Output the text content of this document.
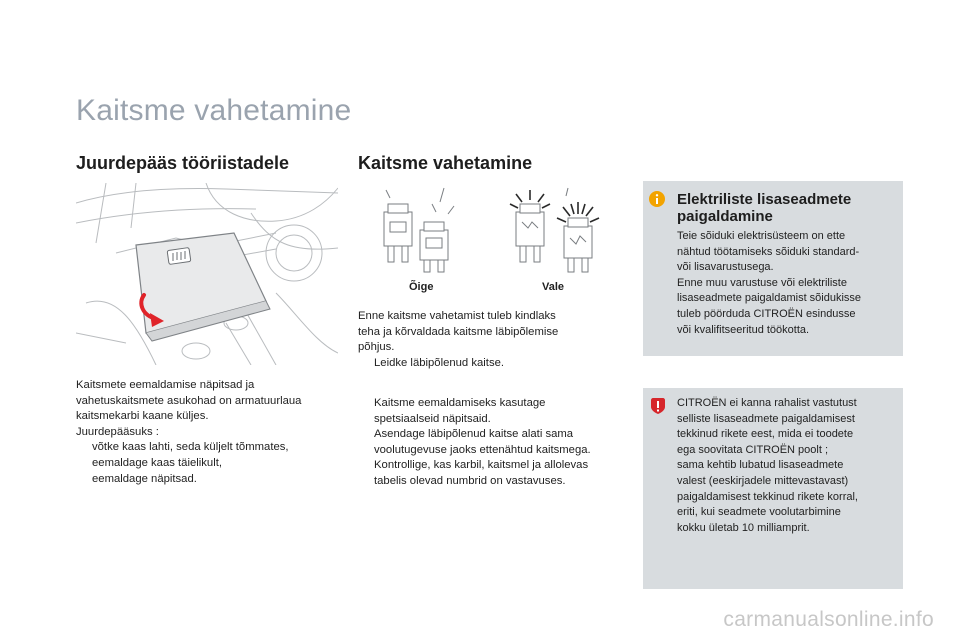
Kaitsme vahetamine
Juurdepääs tööriistadele
Kaitsmete eemaldamise näpitsad ja
vahetuskaitsmete asukohad on armatuurlaua
kaitsmekarbi kaane küljes.
Juurdepääsuks :
võtke kaas lahti, seda küljelt tõmmates,
eemaldage kaas täielikult,
eemaldage näpitsad.
Kaitsme vahetamine
Õige	Vale
Enne kaitsme vahetamist tuleb kindlaks
teha ja kõrvaldada kaitsme läbipõlemise
põhjus.
Leidke läbipõlenud kaitse.
Kaitsme eemaldamiseks kasutage
spetsiaalseid näpitsaid.
Asendage läbipõlenud kaitse alati sama
voolutugevuse jaoks ettenähtud kaitsmega.
Kontrollige, kas karbil, kaitsmel ja allolevas
tabelis olevad numbrid on vastavuses.
Elektriliste lisaseadmete
paigaldamine
Teie sõiduki elektrisüsteem on ette
nähtud töötamiseks sõiduki standard-
või lisavarustusega.
Enne muu varustuse või elektriliste
lisaseadmete paigaldamist sõidukisse
tuleb pöörduda CITROËN esindusse
või kvalifitseeritud töökotta.
CITROËN ei kanna rahalist vastutust
selliste lisaseadmete paigaldamisest
tekkinud rikete eest, mida ei toodete
ega soovitata CITROËN poolt ;
sama kehtib lubatud lisaseadmete
valest (eeskirjadele mittevastavast)
paigaldamisest tekkinud rikete korral,
eriti, kui seadmete voolutarbimine
kokku ületab 10 milliamprit.
carmanualsonline.info
